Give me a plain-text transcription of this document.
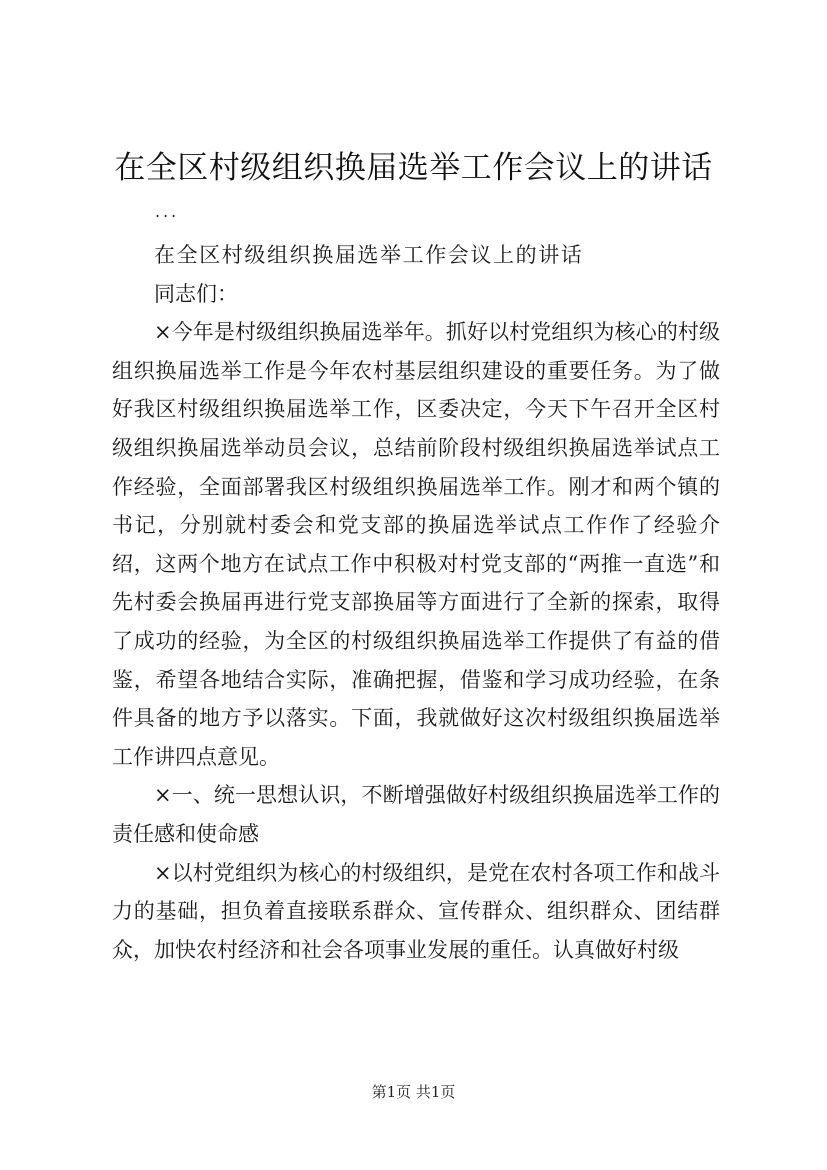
在全区村级组织换届选举工作会议上的讲话
...

在全区村级组织换届选举工作会议上的讲话

同志们：

×今年是村级组织换届选举年。抓好以村党组织为核心的村级组织换届选举工作是今年农村基层组织建设的重要任务。为了做好我区村级组织换届选举工作，区委决定，今天下午召开全区村级组织换届选举动员会议，总结前阶段村级组织换届选举试点工作经验，全面部署我区村级组织换届选举工作。刚才和两个镇的书记，分别就村委会和党支部的换届选举试点工作作了经验介绍，这两个地方在试点工作中积极对村党支部的“两推一直选”和先村委会换届再进行党支部换届等方面进行了全新的探索，取得了成功的经验，为全区的村级组织换届选举工作提供了有益的借鉴，希望各地结合实际，准确把握，借鉴和学习成功经验，在条件具备的地方予以落实。下面，我就做好这次村级组织换届选举工作讲四点意见。

×一、统一思想认识，不断增强做好村级组织换届选举工作的责任感和使命感

×以村党组织为核心的村级组织，是党在农村各项工作和战斗力的基础，担负着直接联系群众、宣传群众、组织群众、团结群众，加快农村经济和社会各项事业发展的重任。认真做好村级

第1页 共1页
